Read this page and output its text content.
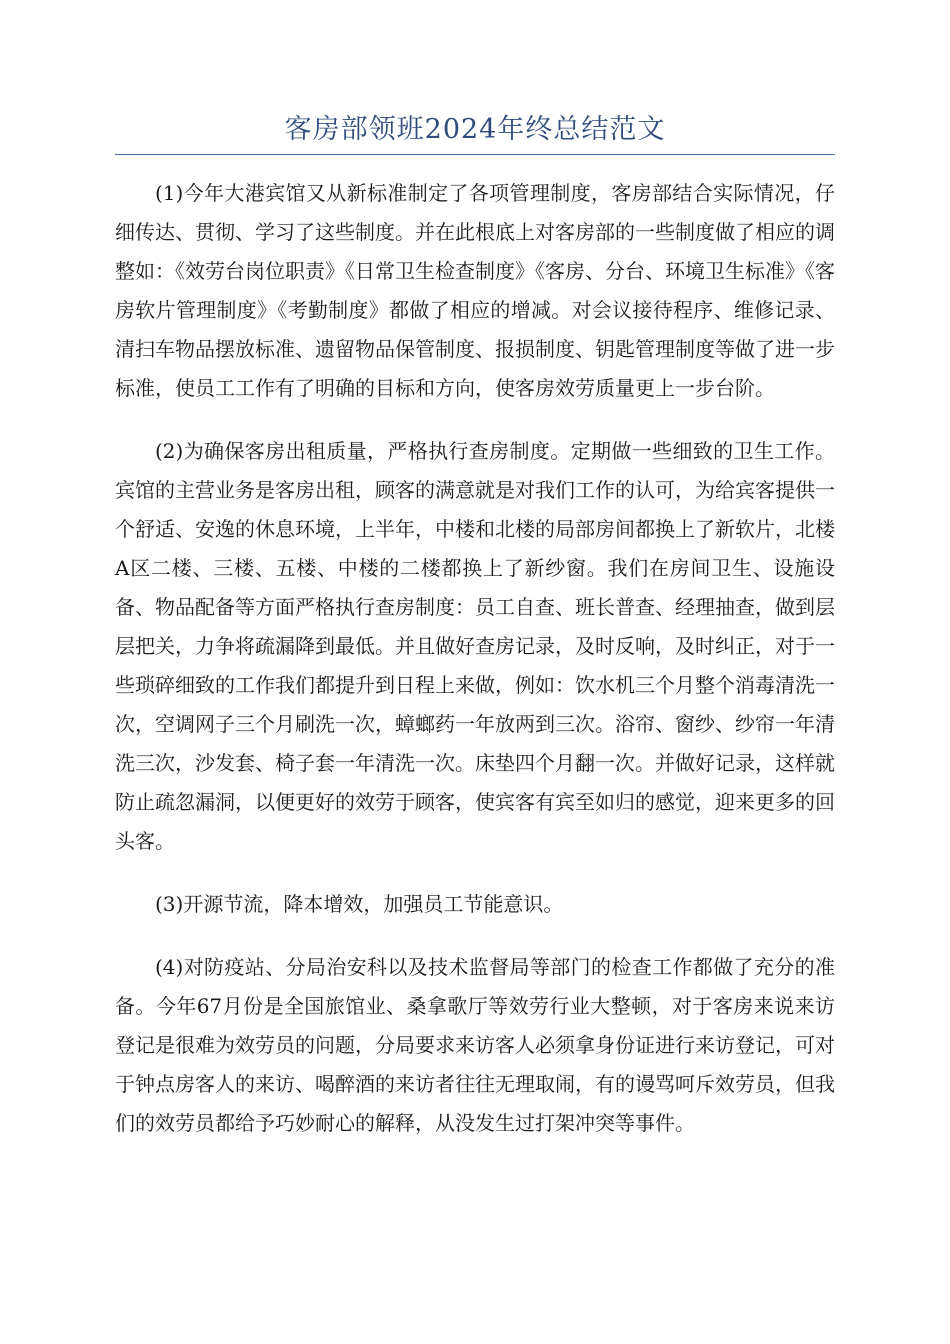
客房部领班2024年终总结范文

(1)今年大港宾馆又从新标准制定了各项管理制度，客房部结合实际情况，仔细传达、贯彻、学习了这些制度。并在此根底上对客房部的一些制度做了相应的调整如：《效劳台岗位职责》《日常卫生检查制度》《客房、分台、环境卫生标准》《客房软片管理制度》《考勤制度》都做了相应的增减。对会议接待程序、维修记录、清扫车物品摆放标准、遗留物品保管制度、报损制度、钥匙管理制度等做了进一步标准，使员工工作有了明确的目标和方向，使客房效劳质量更上一步台阶。

(2)为确保客房出租质量，严格执行查房制度。定期做一些细致的卫生工作。宾馆的主营业务是客房出租，顾客的满意就是对我们工作的认可，为给宾客提供一个舒适、安逸的休息环境，上半年，中楼和北楼的局部房间都换上了新软片，北楼A区二楼、三楼、五楼、中楼的二楼都换上了新纱窗。我们在房间卫生、设施设备、物品配备等方面严格执行查房制度：员工自查、班长普查、经理抽查，做到层层把关，力争将疏漏降到最低。并且做好查房记录，及时反响，及时纠正，对于一些琐碎细致的工作我们都提升到日程上来做，例如：饮水机三个月整个消毒清洗一次，空调网子三个月刷洗一次，蟑螂药一年放两到三次。浴帘、窗纱、纱帘一年清洗三次，沙发套、椅子套一年清洗一次。床垫四个月翻一次。并做好记录，这样就防止疏忽漏洞，以便更好的效劳于顾客，使宾客有宾至如归的感觉，迎来更多的回头客。

(3)开源节流，降本增效，加强员工节能意识。

(4)对防疫站、分局治安科以及技术监督局等部门的检查工作都做了充分的准备。今年67月份是全国旅馆业、桑拿歌厅等效劳行业大整顿，对于客房来说来访登记是很难为效劳员的问题，分局要求来访客人必须拿身份证进行来访登记，可对于钟点房客人的来访、喝醉酒的来访者往往无理取闹，有的谩骂呵斥效劳员，但我们的效劳员都给予巧妙耐心的解释，从没发生过打架冲突等事件。
